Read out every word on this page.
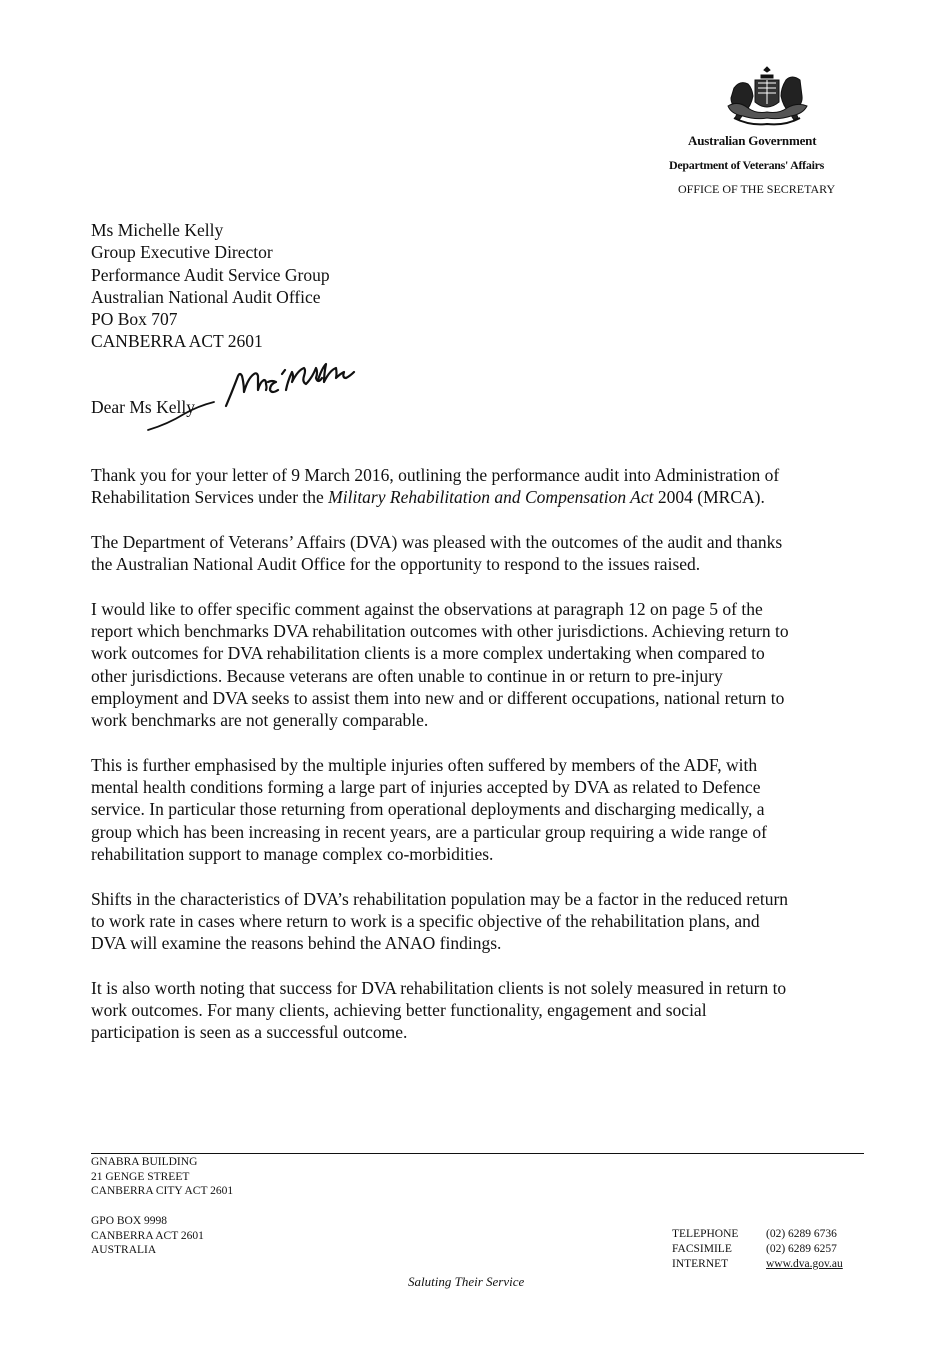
Australian Government
Department of Veterans' Affairs
OFFICE OF THE SECRETARY
Ms Michelle Kelly
Group Executive Director
Performance Audit Service Group
Australian National Audit Office
PO Box 707
CANBERRA ACT 2601
Dear Ms Kelly

Thank you for your letter of 9 March 2016, outlining the performance audit into Administration of
Rehabilitation Services under the Military Rehabilitation and Compensation Act 2004 (MRCA).

The Department of Veterans’ Affairs (DVA) was pleased with the outcomes of the audit and thanks
the Australian National Audit Office for the opportunity to respond to the issues raised.

I would like to offer specific comment against the observations at paragraph 12 on page 5 of the
report which benchmarks DVA rehabilitation outcomes with other jurisdictions. Achieving return to
work outcomes for DVA rehabilitation clients is a more complex undertaking when compared to
other jurisdictions. Because veterans are often unable to continue in or return to pre-injury
employment and DVA seeks to assist them into new and or different occupations, national return to
work benchmarks are not generally comparable.

This is further emphasised by the multiple injuries often suffered by members of the ADF, with
mental health conditions forming a large part of injuries accepted by DVA as related to Defence
service. In particular those returning from operational deployments and discharging medically, a
group which has been increasing in recent years, are a particular group requiring a wide range of
rehabilitation support to manage complex co-morbidities.

Shifts in the characteristics of DVA’s rehabilitation population may be a factor in the reduced return
to work rate in cases where return to work is a specific objective of the rehabilitation plans, and
DVA will examine the reasons behind the ANAO findings.

It is also worth noting that success for DVA rehabilitation clients is not solely measured in return to
work outcomes. For many clients, achieving better functionality, engagement and social
participation is seen as a successful outcome.

GNABRA BUILDING
21 GENGE STREET
CANBERRA CITY ACT 2601
GPO BOX 9998
CANBERRA ACT 2601
AUSTRALIA
TELEPHONE	(02) 6289 6736
FACSIMILE	(02) 6289 6257
INTERNET	www.dva.gov.au
Saluting Their Service
